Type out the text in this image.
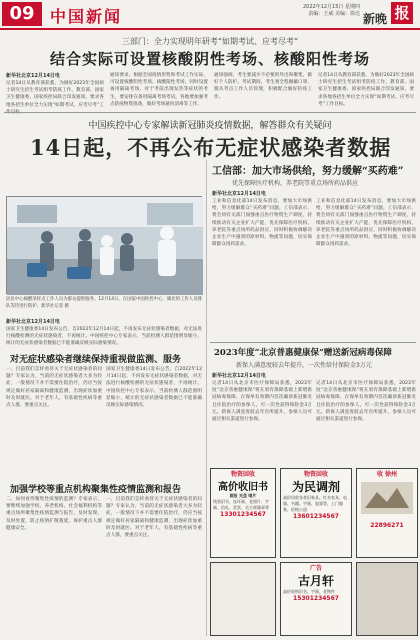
09 中国新闻	2022年12月15日 星期四
责编：王威 美编：徐达 新晚 报
三部门：全力实现明年研考“如期考试、应考尽考”
结合实际可设置核酸阴性考场、核酸阳性考场
新华社北京12月14日电
记者14日从教育部获悉，为做好2023年全国硕士研究生招生考试组考防疫工作，教育部、国家卫生健康委、国家疾控局联合印发通知，要求各地各招生单位全力实现“如期考试、应考尽考”工
通知要求，根据全国疫情形势和考试工作实际，可设置核酸阴性考场、核酸阳性考场，同时设置备用隔离考场。对于考前出现发热等症状的考生，要安排在备用隔离考场考试。各地要加强考点防疫物资准备，做好考场通风消毒等工作。
通知强调，考生要减少不必要的外出和聚集，做好个人防护。考试期间，考生须全程佩戴口罩，服从考点工作人员管理，积极配合做好防疫工作。
记者14日从教育部获悉，为做好2023年全国硕士研究生招生考试组考防疫工作，教育部、国家卫生健康委、国家疾控局联合印发通知，要求各地各招生单位全力实现“如期考试、应考尽考”工作目标。
中国疾控中心专家解读新冠肺炎疫情数据，解答群众有关疑问
14日起，不再公布无症状感染者数据
居民中心核酸采样点工作人员为群众提供服务。12月14日，在国家中国疾控中心，湖北的工作人员排队等待进行防护。新华社记者 摄
新华社北京12月14日电
国家卫生健康委14日发布公告，自2022年12月14日起，不再发布无症状感染者数据，对无法进行核酸检测的无症状感染者，不再统计。中国疾控中心专家表示，当前检测人群范围明显缩小，统计的无症状感染者数据已不能准确反映实际感染情况。
对无症状感染者继续保持重视做监测、服务
一、目前我们怎样看待关于无症状感染者的问题？专家认为，当前的无症状感染者大多为轻症，一般情况下并不需要住院治疗，仍应当按规定做好居家隔离和健康监测，出现症状加重时及时就医。对于老年人、有基础性疾病等重点人群，要重点关注。
国家卫生健康委14日发布公告，自2022年12月14日起，不再发布无症状感染者数据，对无法进行核酸检测的无症状感染者，不再统计。中国疾控中心专家表示，当前检测人群范围明显缩小，统计的无症状感染者数据已不能准确反映实际感染情况。
加强学校等重点机构聚集性疫情监测和报告
二、如何看待聚集性疫情的监测？专家表示，要继续加强学校、养老机构、社会福利机构等重点场所聚集性疫情监测与报告，及时发现、及时处置，防止疫情扩散蔓延，保护重点人群健康安全。
一、目前我们怎样看待关于无症状感染者的问题？专家认为，当前的无症状感染者大多为轻症，一般情况下并不需要住院治疗，仍应当按规定做好居家隔离和健康监测，出现症状加重时及时就医。对于老年人、有基础性疾病等重点人群，要重点关注。
工信部：加大市场供给，努力缓解“买药难”
优先保障医疗机构、养老院等重点场所药品供应
新华社北京12月14日电
工业和信息化部14日发布消息，要加大市场供给，努力缓解群众“买药难”问题。工信部表示，将会同有关部门加强重点医疗物资生产调度，持续推动有关企业扩大产能，优先保障医疗机构、养老院等重点场所药品供应，同时积极协调解决企业生产中遇到的原材料、物流等问题，切实保障群众用药需求。
工业和信息化部14日发布消息，要加大市场供给，努力缓解群众“买药难”问题。工信部表示，将会同有关部门加强重点医疗物资生产调度，持续推动有关企业扩大产能，优先保障医疗机构、养老院等重点场所药品供应，同时积极协调解决企业生产中遇到的原材料、物流等问题，切实保障群众用药需求。
2023年度“北京普惠健康保”赠送新冠病毒保障
新保人满意度较去年提升，一次性给付保险金3万元
新华社北京12月14日电
记者14日从北京市医疗保障局获悉，2023年度“北京普惠健康保”将在原有保障基础上新增新冠病毒保障，在保单有效期内首次确诊新冠肺炎且住院治疗的参保人，可一次性获得保险金3万元。新保人满意度较去年有所提升，参保人员可通过相关渠道进行参保。
记者14日从北京市医疗保障局获悉，2023年度“北京普惠健康保”将在原有保障基础上新增新冠病毒保障，在保单有效期内首次确诊新冠肺炎且住院治疗的参保人，可一次性获得保险金3万元。新保人满意度较去年有所提升，参保人员可通过相关渠道进行参保。
物资回收
高价收旧书
画报 光盘 唱片
线装旧书、连环画、老照片、字画、信札、奖状、毛主席像章等
13301234567
物资回收
为民调剂
高价回收各类旧家具、红木家具、电器、书籍、字画、瓷器等，上门服务，价格公道
13601234567
收 徐州
22896271
广告
古月轩
高价收购旧书、字画、老物件
15301234567
